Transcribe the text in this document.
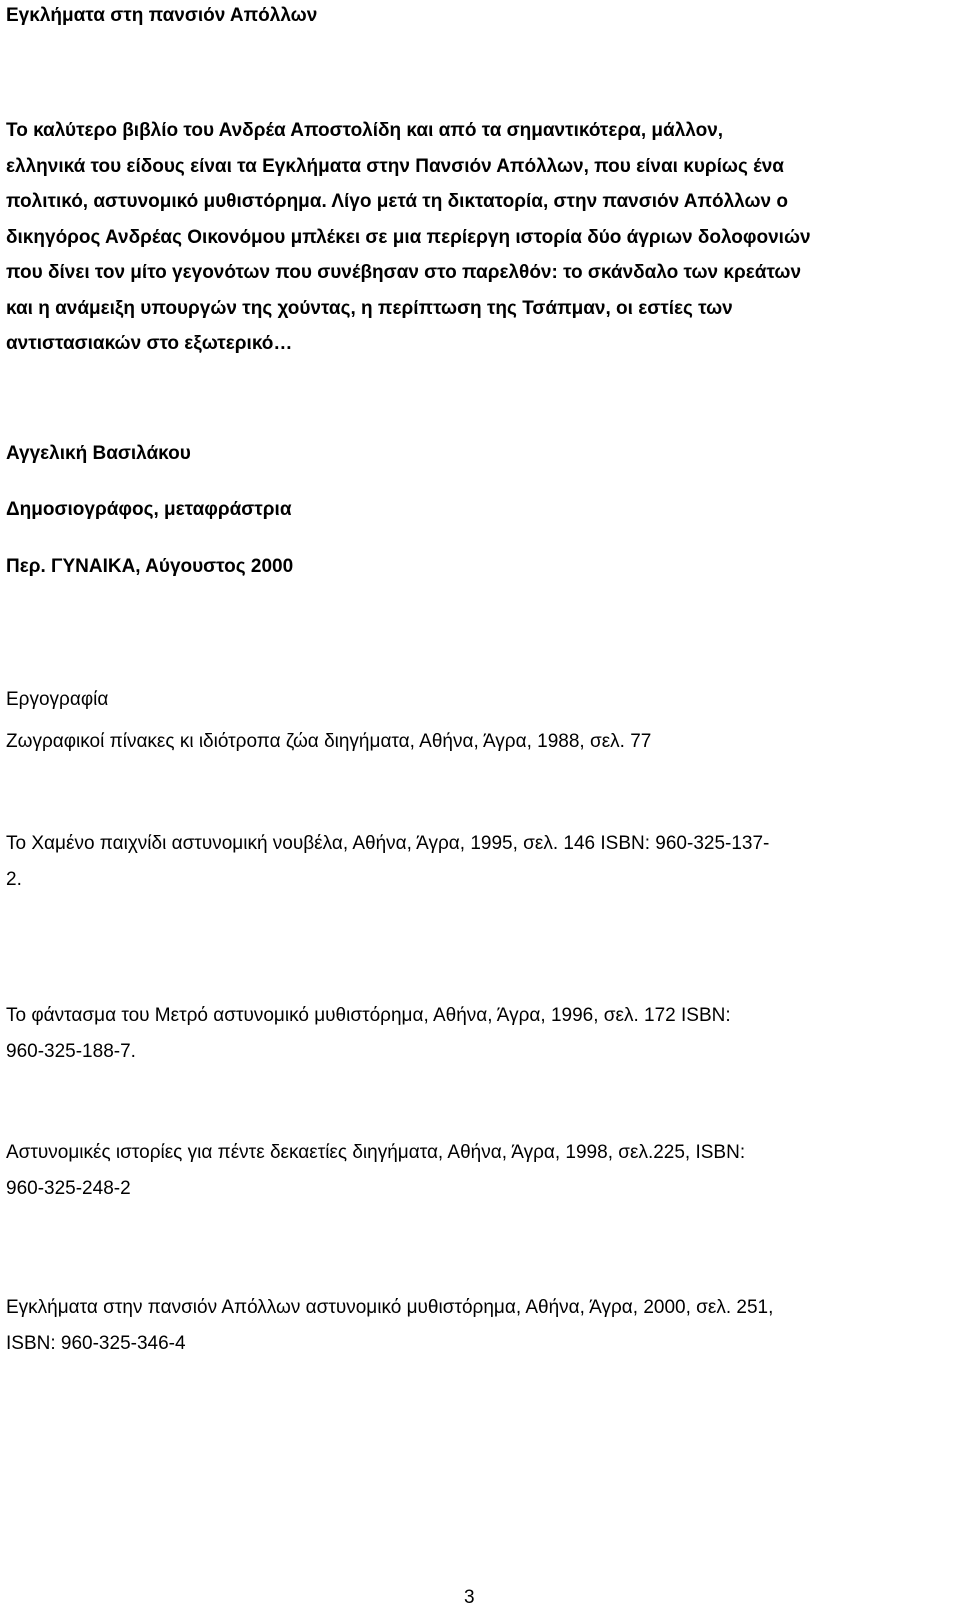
Εγκλήματα στη πανσιόν Απόλλων
Το καλύτερο βιβλίο του Ανδρέα Αποστολίδη και από τα σημαντικότερα, μάλλον,
ελληνικά του είδους είναι τα Εγκλήματα στην Πανσιόν Απόλλων, που είναι κυρίως ένα
πολιτικό, αστυνομικό μυθιστόρημα. Λίγο μετά τη δικτατορία, στην πανσιόν Απόλλων ο
δικηγόρος Ανδρέας Οικονόμου μπλέκει σε μια περίεργη ιστορία δύο άγριων δολοφονιών
που δίνει τον μίτο γεγονότων που συνέβησαν στο παρελθόν: το σκάνδαλο των κρεάτων
και η ανάμειξη υπουργών της χούντας, η περίπτωση της Τσάπμαν, οι εστίες των
αντιστασιακών στο εξωτερικό…
Αγγελική Βασιλάκου
Δημοσιογράφος, μεταφράστρια
Περ. ΓΥΝΑΙΚΑ, Αύγουστος 2000
Εργογραφία
Ζωγραφικοί πίνακες κι ιδιότροπα ζώα διηγήματα, Αθήνα, Άγρα, 1988, σελ. 77
Το Χαμένο παιχνίδι αστυνομική νουβέλα, Αθήνα, Άγρα, 1995, σελ. 146 ISBN: 960-325-137-
2.
Το φάντασμα του Μετρό αστυνομικό μυθιστόρημα, Αθήνα, Άγρα, 1996, σελ. 172 ISBN:
960-325-188-7.
Αστυνομικές ιστορίες για πέντε δεκαετίες διηγήματα, Αθήνα, Άγρα, 1998, σελ.225, ISBN:
960-325-248-2
Εγκλήματα στην πανσιόν Απόλλων αστυνομικό μυθιστόρημα, Αθήνα, Άγρα, 2000, σελ. 251,
ISBN: 960-325-346-4
3
